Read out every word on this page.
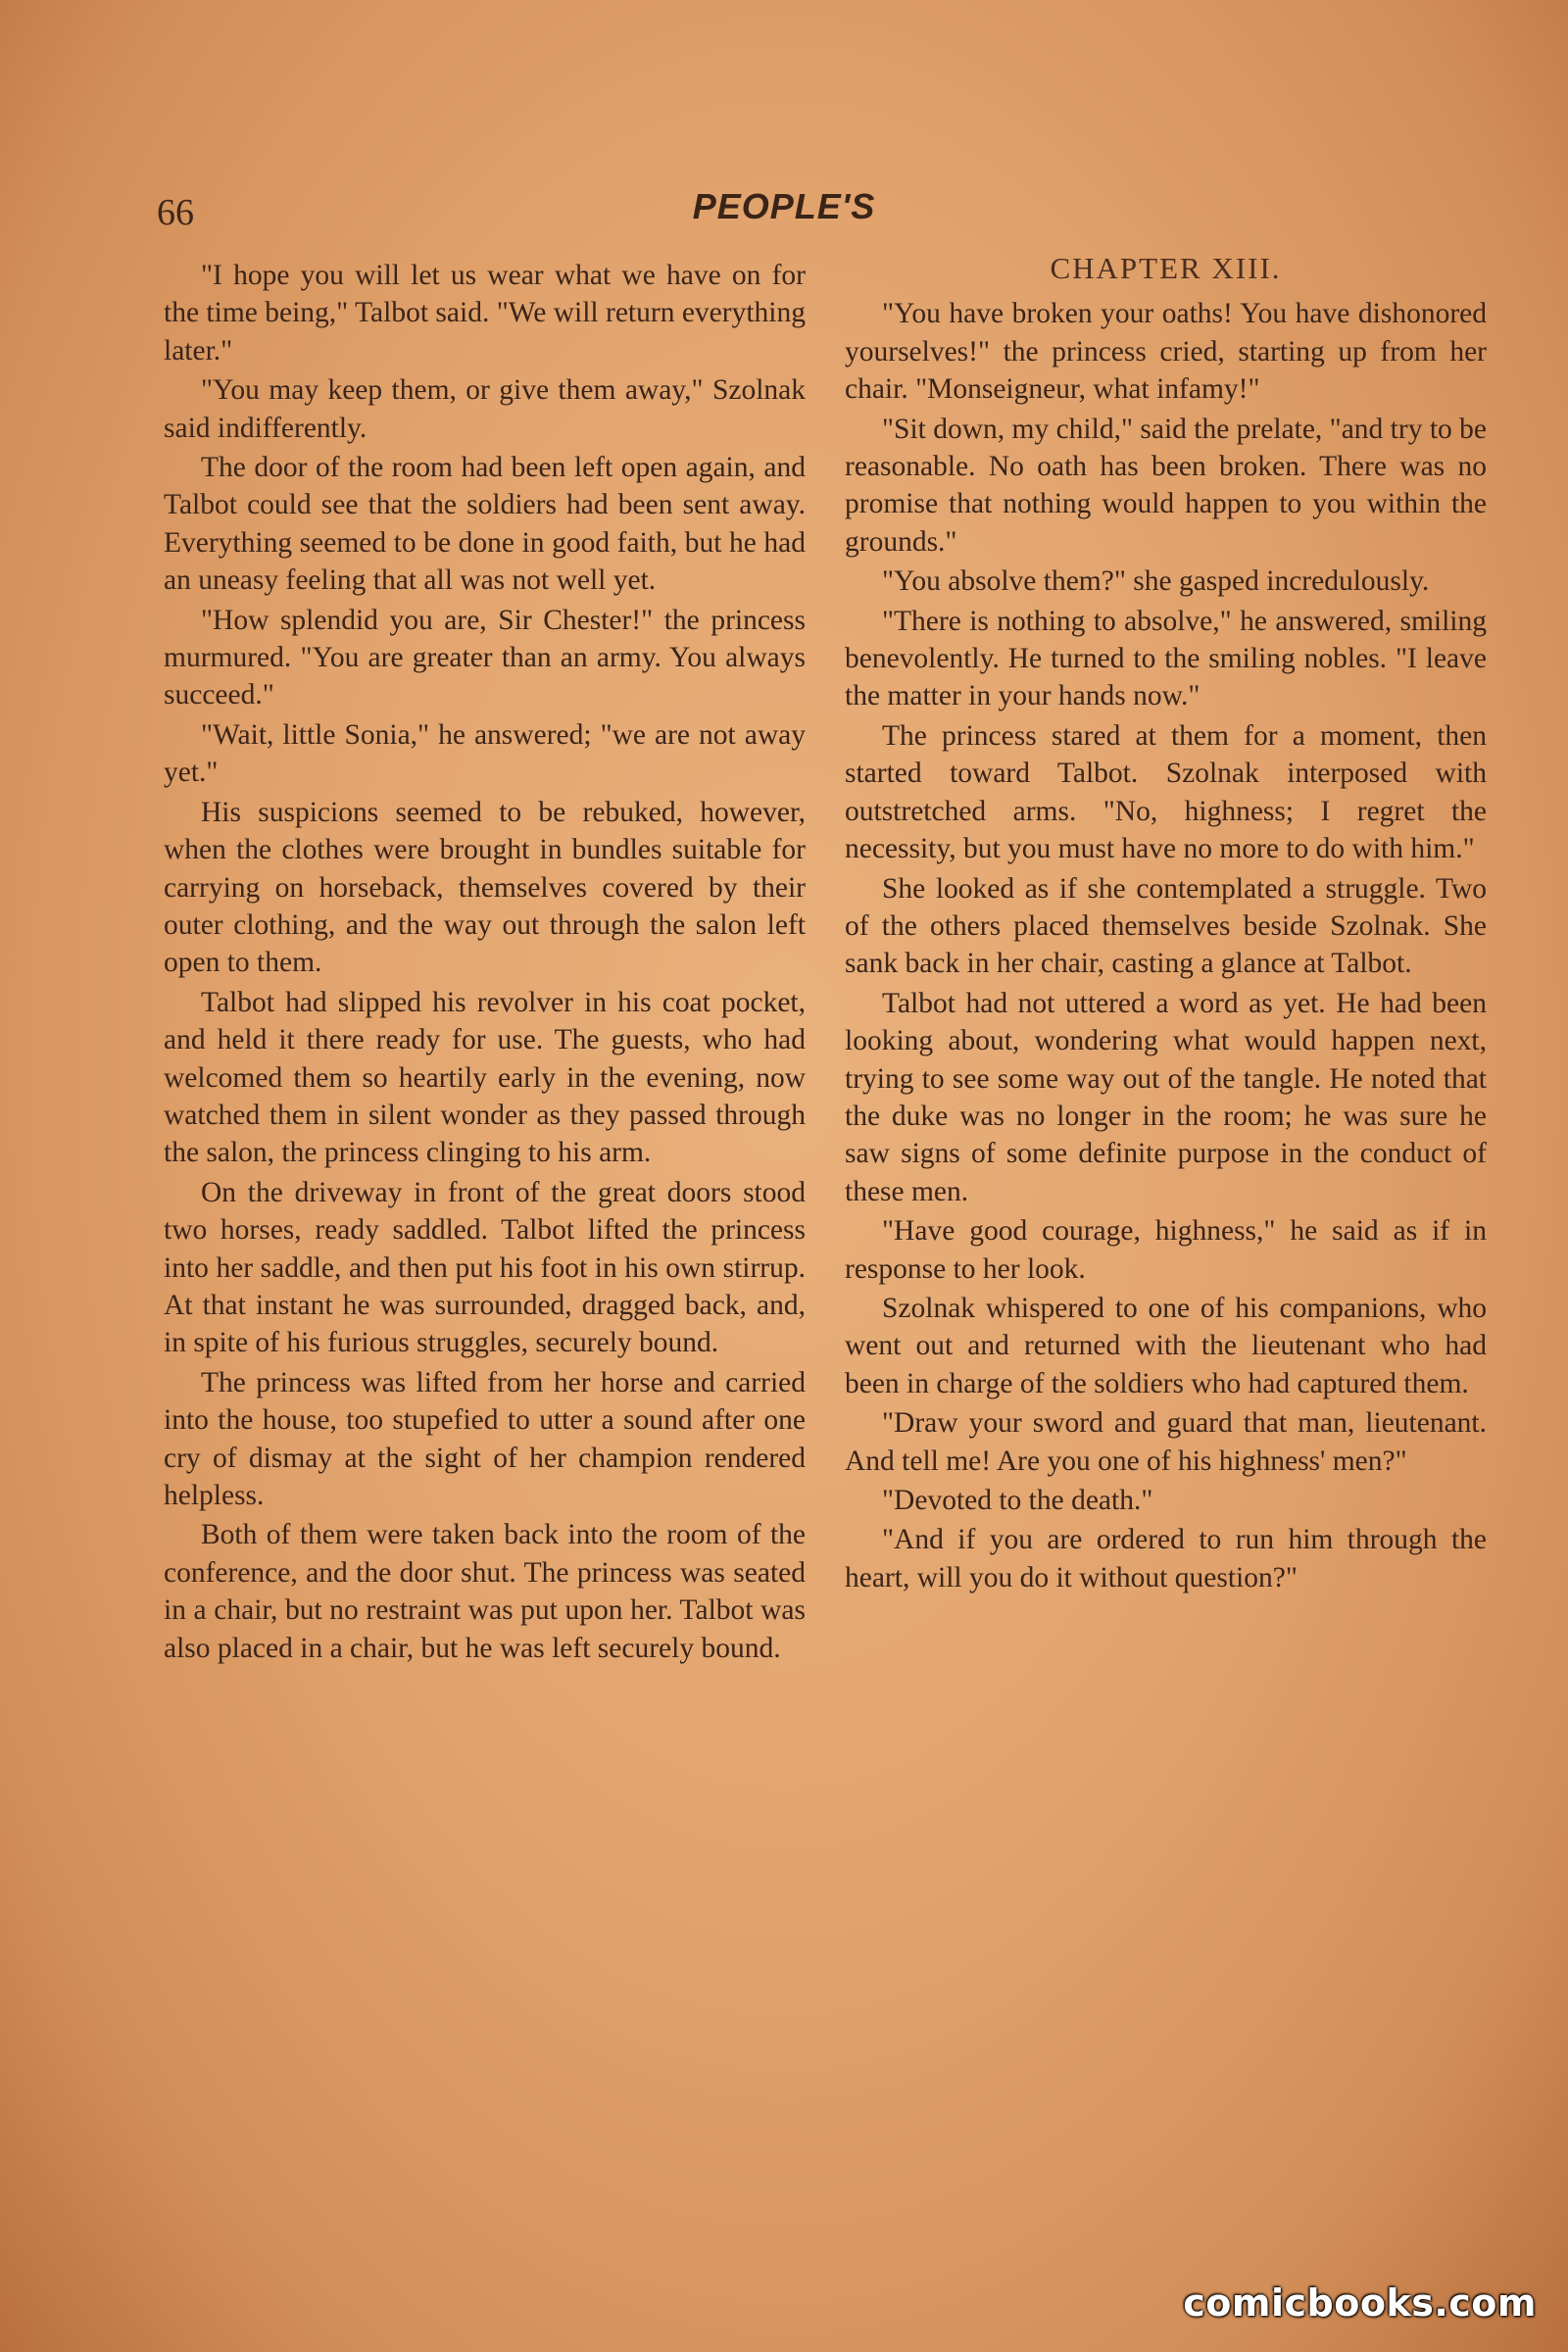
66	PEOPLE'S

"I hope you will let us wear what we have on for the time being," Talbot said. "We will return everything later."

"You may keep them, or give them away," Szolnak said indifferently.

The door of the room had been left open again, and Talbot could see that the soldiers had been sent away. Everything seemed to be done in good faith, but he had an uneasy feeling that all was not well yet.

"How splendid you are, Sir Chester!" the princess murmured. "You are greater than an army. You always succeed."

"Wait, little Sonia," he answered; "we are not away yet."

His suspicions seemed to be rebuked, however, when the clothes were brought in bundles suitable for carrying on horseback, themselves covered by their outer clothing, and the way out through the salon left open to them.

Talbot had slipped his revolver in his coat pocket, and held it there ready for use. The guests, who had welcomed them so heartily early in the evening, now watched them in silent wonder as they passed through the salon, the princess clinging to his arm.

On the driveway in front of the great doors stood two horses, ready saddled. Talbot lifted the princess into her saddle, and then put his foot in his own stirrup. At that instant he was surrounded, dragged back, and, in spite of his furious struggles, securely bound.

The princess was lifted from her horse and carried into the house, too stupefied to utter a sound after one cry of dismay at the sight of her champion rendered helpless.

Both of them were taken back into the room of the conference, and the door shut. The princess was seated in a chair, but no restraint was put upon her. Talbot was also placed in a chair, but he was left securely bound.

CHAPTER XIII.

"You have broken your oaths! You have dishonored yourselves!" the princess cried, starting up from her chair. "Monseigneur, what infamy!"

"Sit down, my child," said the prelate, "and try to be reasonable. No oath has been broken. There was no promise that nothing would happen to you within the grounds."

"You absolve them?" she gasped incredulously.

"There is nothing to absolve," he answered, smiling benevolently. He turned to the smiling nobles. "I leave the matter in your hands now."

The princess stared at them for a moment, then started toward Talbot. Szolnak interposed with outstretched arms. "No, highness; I regret the necessity, but you must have no more to do with him."

She looked as if she contemplated a struggle. Two of the others placed themselves beside Szolnak. She sank back in her chair, casting a glance at Talbot.

Talbot had not uttered a word as yet. He had been looking about, wondering what would happen next, trying to see some way out of the tangle. He noted that the duke was no longer in the room; he was sure he saw signs of some definite purpose in the conduct of these men.

"Have good courage, highness," he said as if in response to her look.

Szolnak whispered to one of his companions, who went out and returned with the lieutenant who had been in charge of the soldiers who had captured them.

"Draw your sword and guard that man, lieutenant. And tell me! Are you one of his highness' men?"

"Devoted to the death."

"And if you are ordered to run him through the heart, will you do it without question?"

comicbooks.com
